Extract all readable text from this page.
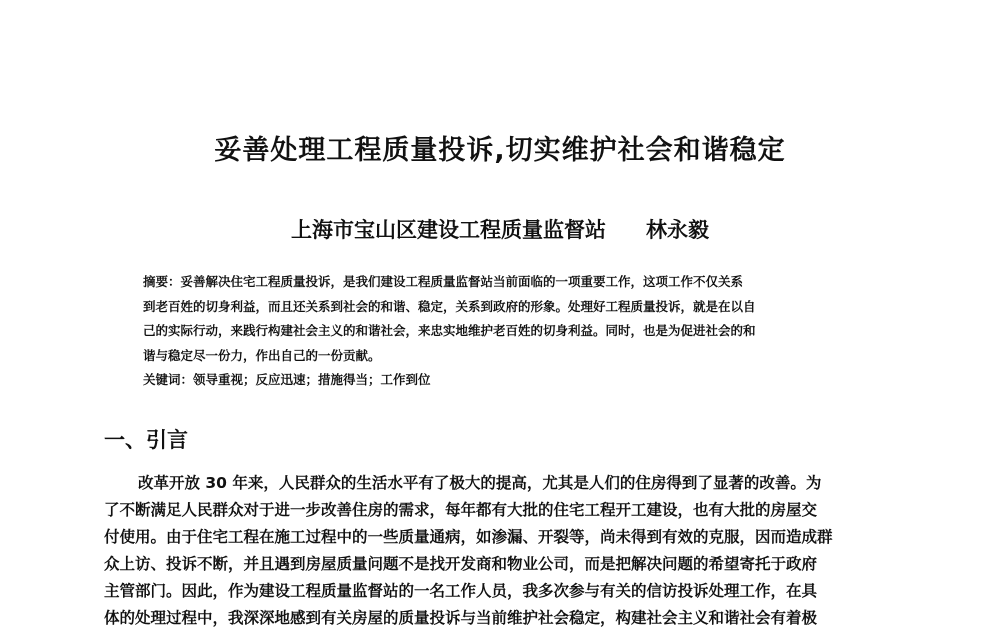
妥善处理工程质量投诉,切实维护社会和谐稳定
上海市宝山区建设工程质量监督站 林永毅
摘要：妥善解决住宅工程质量投诉，是我们建设工程质量监督站当前面临的一项重要工作，这项工作不仅关系
到老百姓的切身利益，而且还关系到社会的和谐、稳定，关系到政府的形象。处理好工程质量投诉，就是在以自
己的实际行动，来践行构建社会主义的和谐社会，来忠实地维护老百姓的切身利益。同时，也是为促进社会的和
谐与稳定尽一份力，作出自己的一份贡献。
关键词：领导重视；反应迅速；措施得当；工作到位
一、引言
改革开放 30 年来，人民群众的生活水平有了极大的提高，尤其是人们的住房得到了显著的改善。为
了不断满足人民群众对于进一步改善住房的需求，每年都有大批的住宅工程开工建设，也有大批的房屋交
付使用。由于住宅工程在施工过程中的一些质量通病，如渗漏、开裂等，尚未得到有效的克服，因而造成群
众上访、投诉不断，并且遇到房屋质量问题不是找开发商和物业公司，而是把解决问题的希望寄托于政府
主管部门。因此，作为建设工程质量监督站的一名工作人员，我多次参与有关的信访投诉处理工作，在具
体的处理过程中，我深深地感到有关房屋的质量投诉与当前维护社会稳定，构建社会主义和谐社会有着极
